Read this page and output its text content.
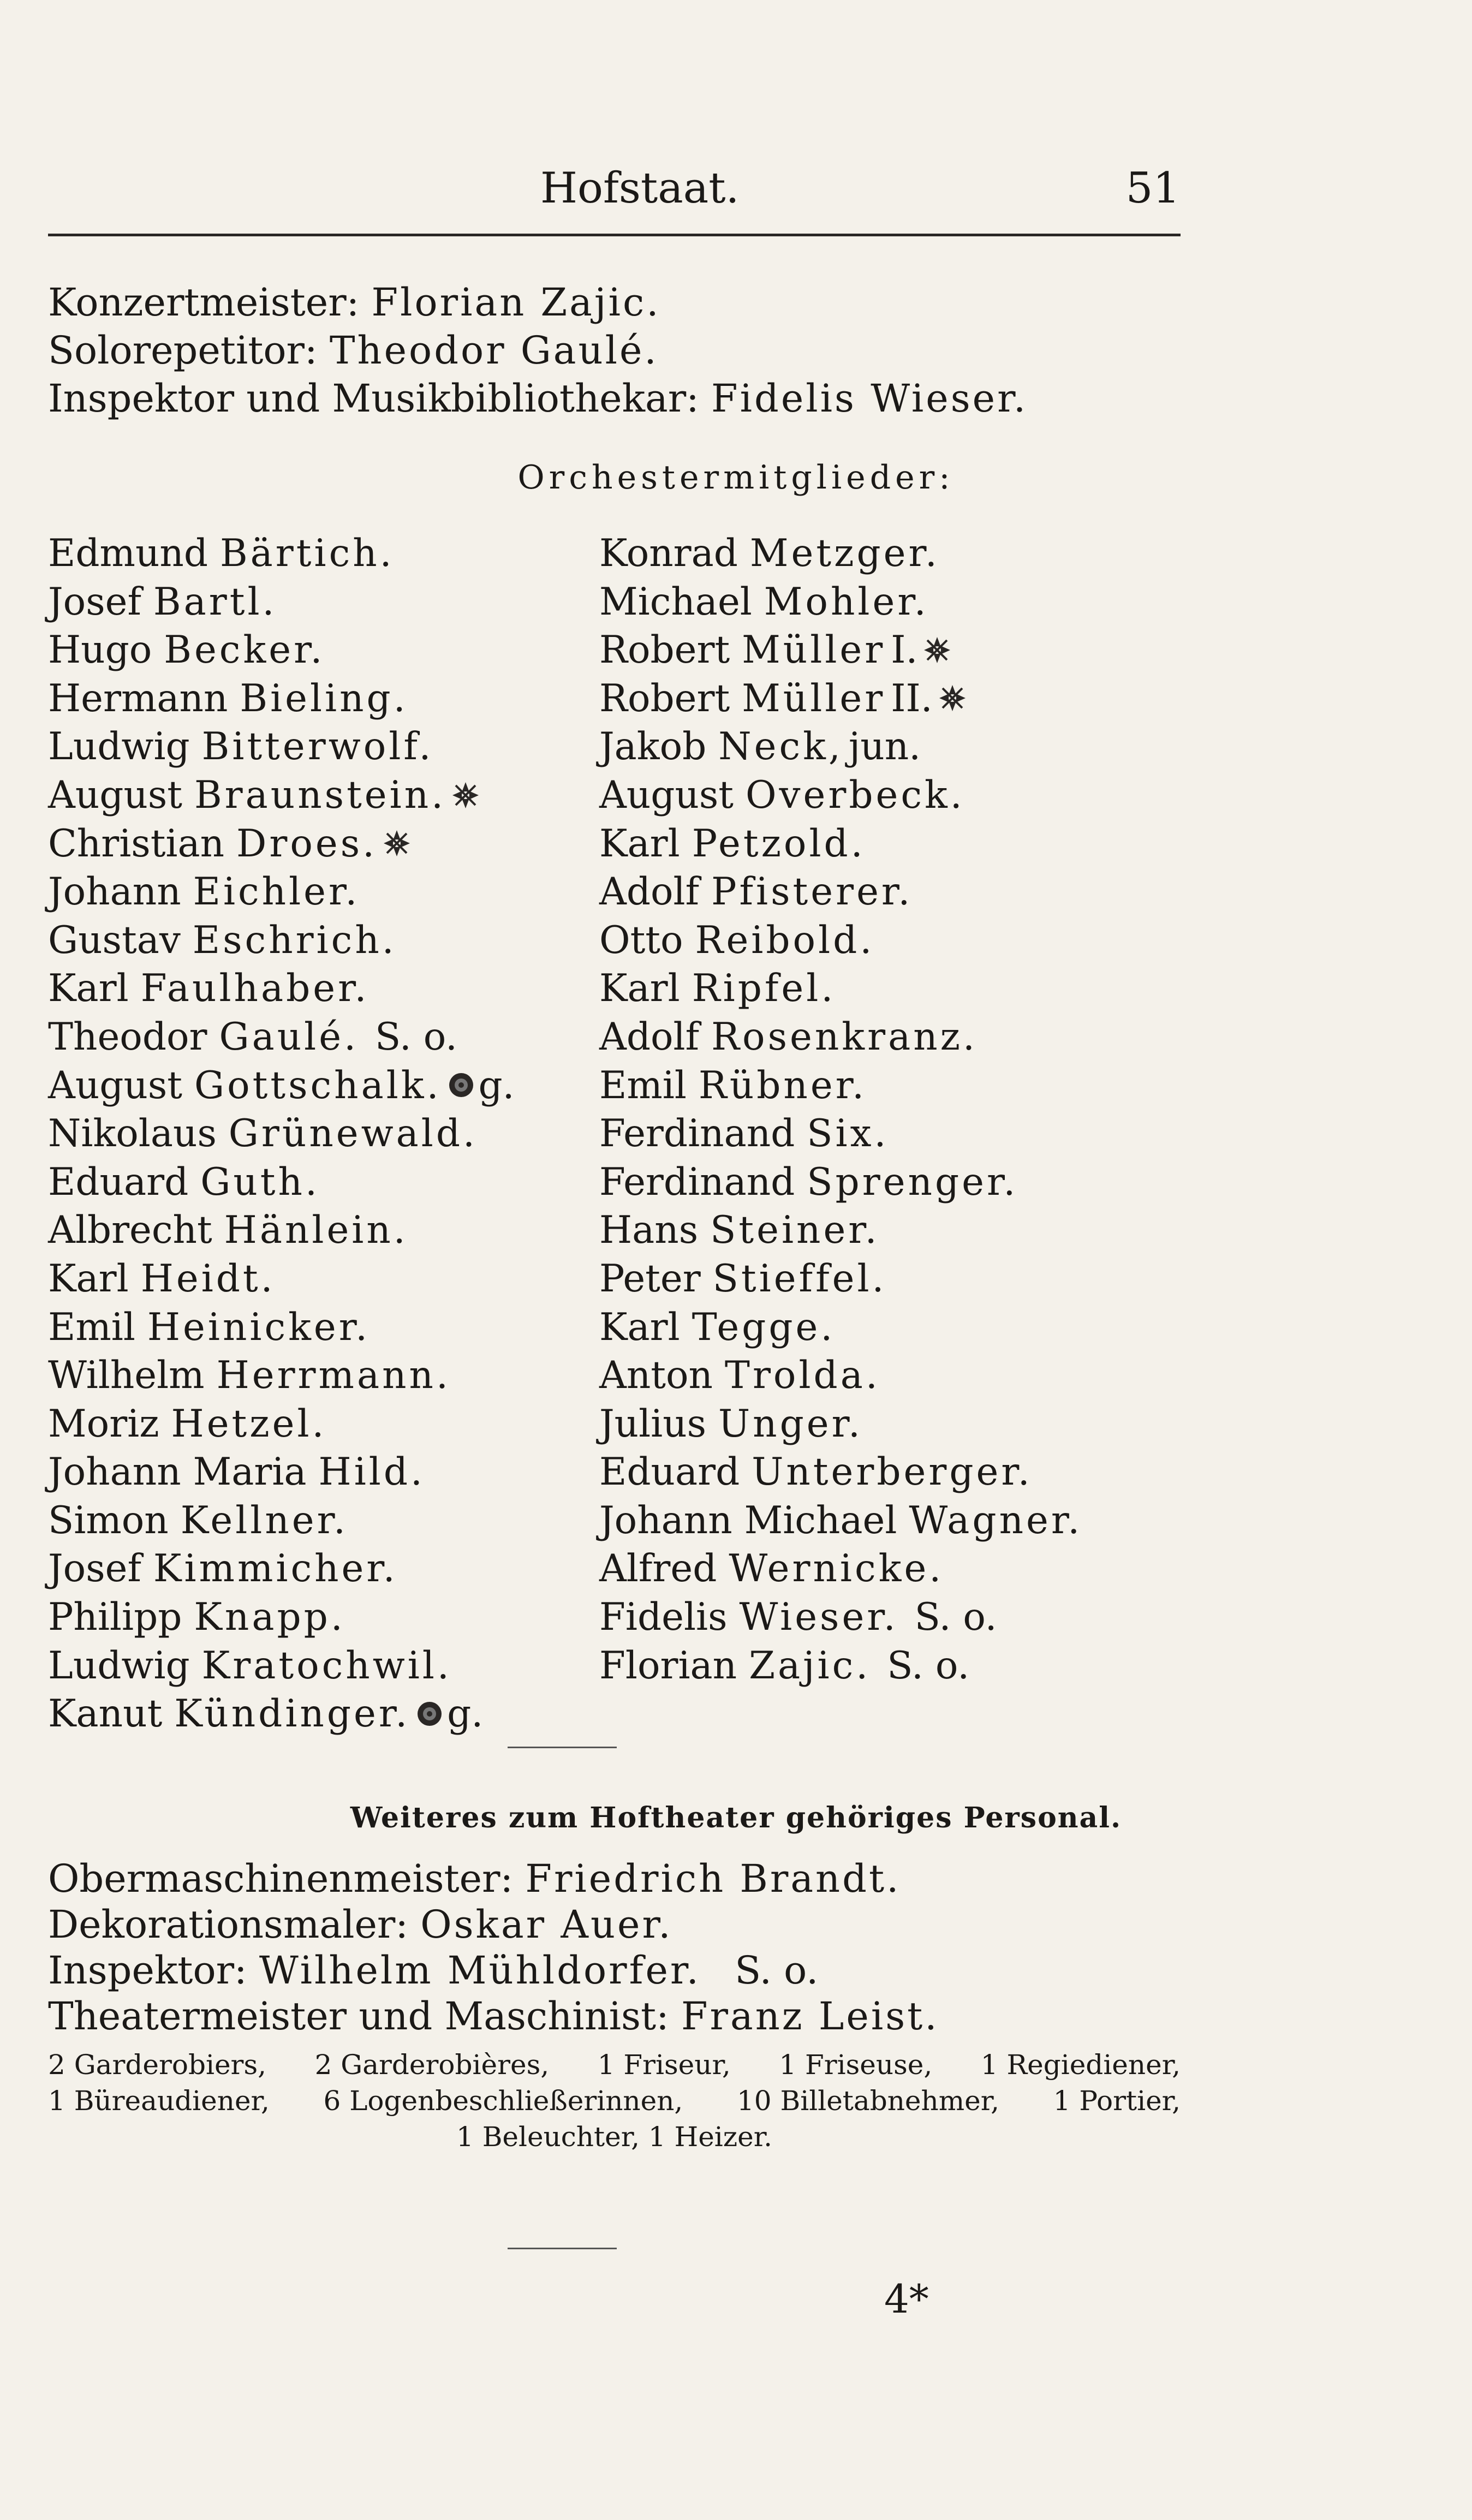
Hofstaat.	51
Konzertmeister: Florian Zajic.
Solorepetitor: Theodor Gaulé.
Inspektor und Musikbibliothekar: Fidelis Wieser.
Orchestermitglieder:
Edmund Bärtich.
Josef Bartl.
Hugo Becker.
Hermann Bieling.
Ludwig Bitterwolf.
August Braunstein.
Christian Droes.
Johann Eichler.
Gustav Eschrich.
Karl Faulhaber.
Theodor Gaulé. S. o.
August Gottschalk. g.
Nikolaus Grünewald.
Eduard Guth.
Albrecht Hänlein.
Karl Heidt.
Emil Heinicker.
Wilhelm Herrmann.
Moriz Hetzel.
Johann Maria Hild.
Simon Kellner.
Josef Kimmicher.
Philipp Knapp.
Ludwig Kratochwil.
Kanut Kündinger. g.
Konrad Metzger.
Michael Mohler.
Robert Müller I.
Robert Müller II.
Jakob Neck, jun.
August Overbeck.
Karl Petzold.
Adolf Pfisterer.
Otto Reibold.
Karl Ripfel.
Adolf Rosenkranz.
Emil Rübner.
Ferdinand Six.
Ferdinand Sprenger.
Hans Steiner.
Peter Stieffel.
Karl Tegge.
Anton Trolda.
Julius Unger.
Eduard Unterberger.
Johann Michael Wagner.
Alfred Wernicke.
Fidelis Wieser. S. o.
Florian Zajic. S. o.
Weiteres zum Hoftheater gehöriges Personal.
Obermaschinenmeister: Friedrich Brandt.
Dekorationsmaler: Oskar Auer.
Inspektor: Wilhelm Mühldorfer. S. o.
Theatermeister und Maschinist: Franz Leist.
2 Garderobiers, 2 Garderobières, 1 Friseur, 1 Friseuse, 1 Regiediener,
1 Büreaudiener, 6 Logenbeschließerinnen, 10 Billetabnehmer, 1 Portier,
1 Beleuchter, 1 Heizer.
4*
